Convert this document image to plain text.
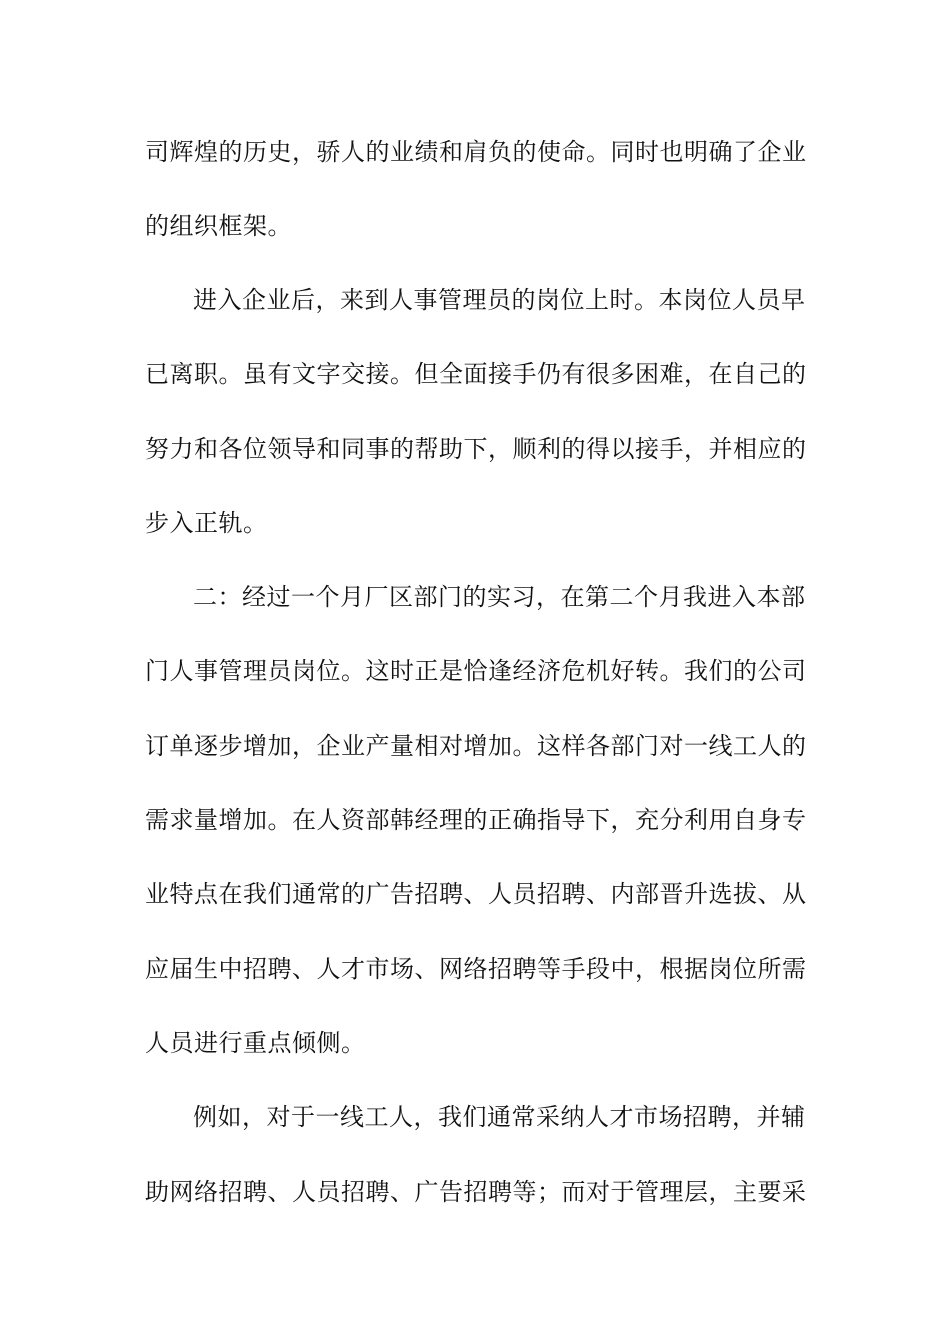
司辉煌的历史，骄人的业绩和肩负的使命。同时也明确了企业
的组织框架。
进入企业后，来到人事管理员的岗位上时。本岗位人员早
已离职。虽有文字交接。但全面接手仍有很多困难，在自己的
努力和各位领导和同事的帮助下，顺利的得以接手，并相应的
步入正轨。
二：经过一个月厂区部门的实习，在第二个月我进入本部
门人事管理员岗位。这时正是恰逢经济危机好转。我们的公司
订单逐步增加，企业产量相对增加。这样各部门对一线工人的
需求量增加。在人资部韩经理的正确指导下，充分利用自身专
业特点在我们通常的广告招聘、人员招聘、内部晋升选拔、从
应届生中招聘、人才市场、网络招聘等手段中，根据岗位所需
人员进行重点倾侧。
例如，对于一线工人，我们通常采纳人才市场招聘，并辅
助网络招聘、人员招聘、广告招聘等；而对于管理层，主要采
